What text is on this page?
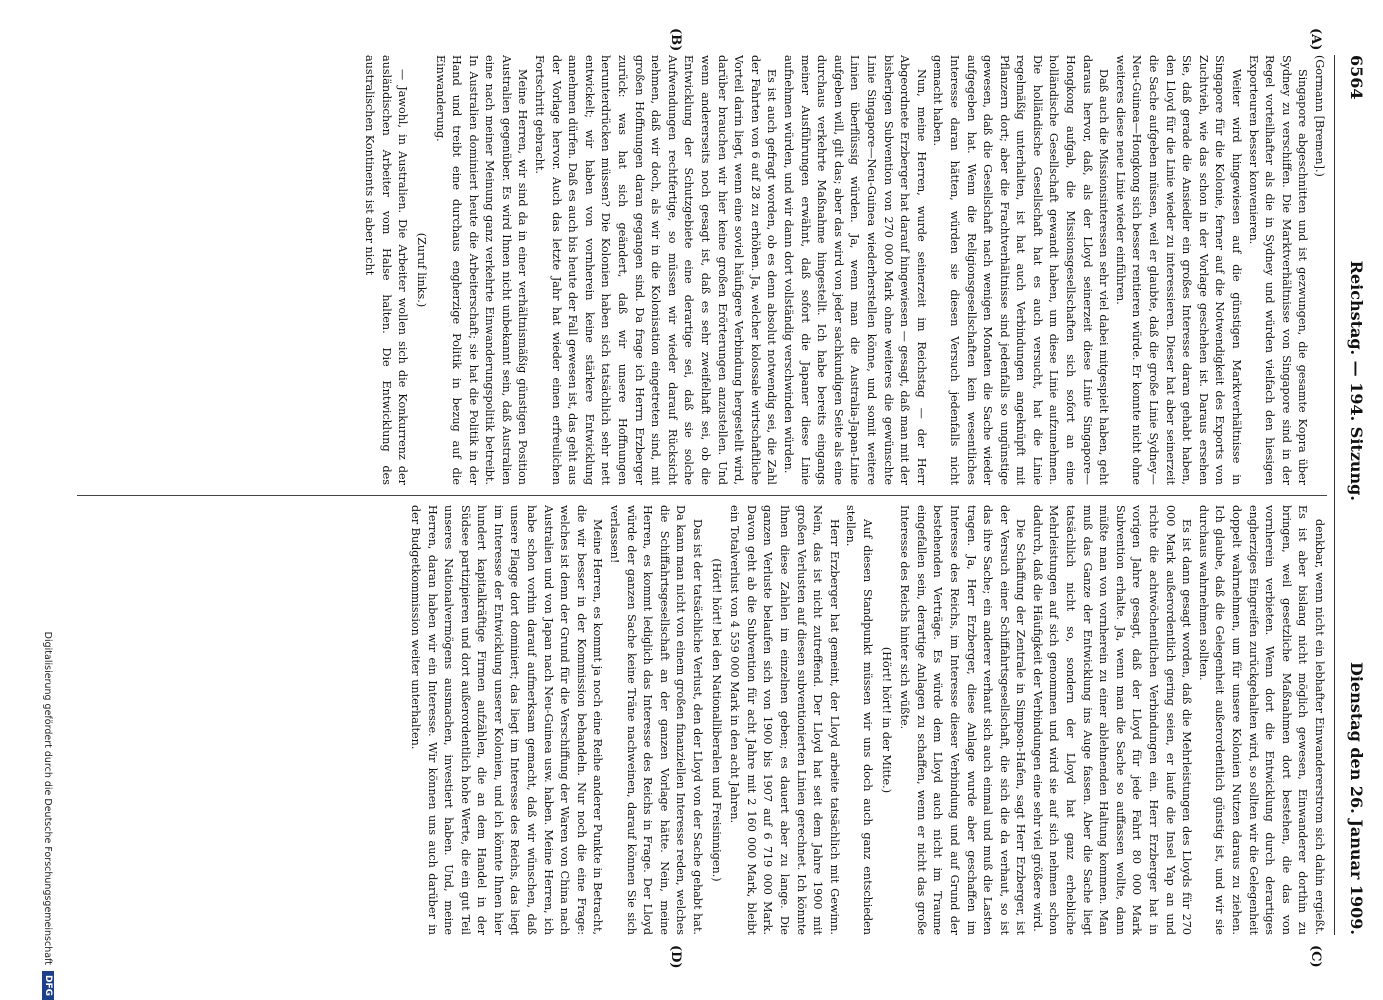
6564
Reichstag. — 194. Sitzung.
Dienstag den 26. Januar 1909.
(A)
(B)
(C)
(D)

(Gormann [Bremen].)

Singapore abgeschnitten und ist gezwungen, die gesamte Kopra über Sydney zu verschiffen. Die Marktverhältnisse von Singapore sind in der Regel vorteilhafter als die in Sydney und würden vielfach den hiesigen Exporteuren besser konvenieren.

Weiter wird hingewiesen auf die günstigen Marktverhältnisse in Singapore für die Kolonie, ferner auf die Notwendigkeit des Exports von Zuchtvieh, wie das schon in der Vorlage geschehen ist. Daraus ersehen Sie, daß gerade die Ansiedler ein großes Interesse daran gehabt haben, den Lloyd für die Linie wieder zu interessieren. Dieser hat aber seinerzeit die Sache aufgeben müssen, weil er glaubte, daß die große Linie Sydney—Neu-Guinea—Hongkong sich besser rentieren würde. Er konnte nicht ohne weiteres diese neue Linie wieder einführen.

Daß auch die Missionsinteressen sehr viel dabei mitgespielt haben, geht daraus hervor, daß, als der Lloyd seinerzeit diese Linie Singapore—Hongkong aufgab, die Missionsgesellschaften sich sofort an eine holländische Gesellschaft gewandt haben, um diese Linie aufzunehmen. Die holländische Gesellschaft hat es auch versucht, hat die Linie regelmäßig unterhalten, ist hat auch Verbindungen angeknüpft mit Pflanzern dort; aber die Frachtverhältnisse sind jedenfalls so ungünstige gewesen, daß die Gesellschaft nach wenigen Monaten die Sache wieder aufgegeben hat. Wenn die Religionsgesellschaften kein wesentliches Interesse daran hätten, würden sie diesen Versuch jedenfalls nicht gemacht haben.

Nun, meine Herren, wurde seinerzeit im Reichstag — der Herr Abgeordnete Erzberger hat darauf hingewiesen — gesagt, daß man mit der bisherigen Subvention von 270 000 Mark ohne weiteres die gewünschte Linie Singapore—Neu-Guinea wiederherstellen könne, und somit weitere Linien überflüssig würden. Ja, wenn man die Australia-Japan-Linie aufgeben will, gilt das; aber das wird von jeder sachkundigen Seite als eine durchaus verkehrte Maßnahme hingestellt. Ich habe bereits eingangs meiner Ausführungen erwähnt, daß sofort die Japaner diese Linie aufnehmen würden, und wir dann dort vollständig verschwinden würden.

Es ist auch gefragt worden, ob es denn absolut notwendig sei, die Zahl der Fahrten von 6 auf 28 zu erhöhen. Ja, welcher kolossale wirtschaftliche Vorteil darin liegt, wenn eine soviel häufigere Verbindung hergestellt wird, darüber brauchen wir hier keine großen Erörterungen anzustellen. Und wenn andererseits noch gesagt ist, daß es sehr zweifelhaft sei, ob die Entwicklung der Schutzgebiete eine derartige sei, daß sie solche Aufwendungen rechtfertige, so müssen wir wieder darauf Rücksicht nehmen, daß wir doch, als wir in die Kolonisation eingetreten sind, mit großen Hoffnungen daran gegangen sind. Da frage ich Herrn Erzberger zurück: was hat sich geändert, daß wir unsere Hoffnungen herunterdrücken müssen? Die Kolonien haben sich tatsächlich sehr nett entwickelt; wir haben von vornherein keine stärkere Entwicklung annehmen dürfen. Daß es auch bis heute der Fall gewesen ist, das geht aus der Vorlage hervor. Auch das letzte Jahr hat wieder einen erfreulichen Fortschritt gebracht.

Meine Herren, wir sind da in einer verhältnismäßig günstigen Position Australien gegenüber. Es wird Ihnen nicht unbekannt sein, daß Australien eine nach meiner Meinung ganz verkehrte Einwanderungspolitik betreibt. In Australien dominiert heute die Arbeiterschaft; sie hat die Politik in der Hand und treibt eine durchaus engherzige Politik in bezug auf die Einwanderung.

(Zuruf links.)

— Jawohl, in Australien. Die Arbeiter wollen sich die Konkurrenz der ausländischen Arbeiter vom Halse halten. Die Entwicklung des australischen Kontinents ist aber nicht

denkbar, wenn nicht ein lebhafter Einwandererstrom sich dahin ergießt. Es ist aber bislang nicht möglich gewesen, Einwanderer dorthin zu bringen, weil gesetzliche Maßnahmen dort bestehen, die das von vornherein verbieten. Wenn dort die Entwicklung durch derartiges engherziges Eingreifen zurückgehalten wird, so sollten wir die Gelegenheit doppelt wahrnehmen, um für unsere Kolonien Nutzen daraus zu ziehen. Ich glaube, daß die Gelegenheit außerordentlich günstig ist, und wir sie durchaus wahrnehmen sollten.

Es ist dann gesagt worden, daß die Mehrleistungen des Lloyds für 270 000 Mark außerordentlich gering seien, er laufe die Insel Yap an und richte die achtwöchentlichen Verbindungen ein. Herr Erzberger hat in vorigen Jahre gesagt, daß der Lloyd für jede Fahrt 80 000 Mark Subvention erhalte. Ja, wenn man die Sache so auffassen wollte, dann müßte man von vornherein zu einer ablehnenden Haltung kommen. Man muß das Ganze der Entwicklung ins Auge fassen. Aber die Sache liegt tatsächlich nicht so, sondern der Lloyd hat ganz erhebliche Mehrleistungen auf sich genommen und wird sie auf sich nehmen schon dadurch, daß die Häufigkeit der Verbindungen eine sehr viel größere wird.

Die Schaffung der Zentrale in Simpson-Hafen, sagt Herr Erzberger, ist der Versuch einer Schiffahrtsgesellschaft, die sich die da verhaut, so ist das ihre Sache; ein anderer verhaut sich auch einmal und muß die Lasten tragen. Ja, Herr Erzberger, diese Anlage wurde aber geschaffen im Interesse des Reichs, im Interesse dieser Verbindung und auf Grund der bestehenden Verträge. Es würde dem Lloyd auch nicht im Traume eingefallen sein, derartige Anlagen zu schaffen, wenn er nicht das große Interesse des Reichs hinter sich wüßte.

(Hört! hört! in der Mitte.)

Auf diesen Standpunkt müssen wir uns doch auch ganz entschieden stellen.

Herr Erzberger hat gemeint, der Lloyd arbeite tatsächlich mit Gewinn. Nein, das ist nicht zutreffend. Der Lloyd hat seit dem Jahre 1900 mit großen Verlusten auf diesen subventionierten Linien gerechnet. Ich könnte Ihnen diese Zahlen im einzelnen geben; es dauert aber zu lange. Die ganzen Verluste belaufen sich von 1900 bis 1907 auf 6 719 000 Mark. Davon geht ab die Subvention für acht Jahre mit 2 160 000 Mark, bleibt ein Totalverlust von 4 559 000 Mark in den acht Jahren.

(Hört! hört! bei den Nationalliberalen und Freisinnigen.)

Das ist der tatsächliche Verlust, den der Lloyd von der Sache gehabt hat. Da kann man nicht von einem großen finanziellen Interesse reden, welches die Schiffahrtsgesellschaft an der ganzen Vorlage hätte. Nein, meine Herren, es kommt lediglich das Interesse des Reichs in Frage. Der Lloyd würde der ganzen Sache keine Träne nachweinen, darauf können Sie sich verlassen!

Meine Herren, es kommt ja noch eine Reihe anderer Punkte in Betracht, die wir besser in der Kommission behandeln. Nur noch die eine Frage: welches ist denn der Grund für die Verschiffung der Waren von China nach Australien und von Japan nach Neu-Guinea usw. haben. Meine Herren, ich habe schon vorhin darauf aufmerksam gemacht, daß wir wünschen, daß unsere Flagge dort dominiert; das liegt im Interesse des Reichs, das liegt im Interesse der Entwicklung unserer Kolonien, und ich könnte Ihnen hier hundert kapitalkräftige Firmen aufzählen, die an dem Handel in der Südsee partizipieren und dort außerordentlich hohe Werte, die ein gut Teil unseres Nationalvermögens ausmachen, investiert haben. Und, meine Herren, daran haben wir ein Interesse. Wir können uns auch darüber in der Budgetkommission weiter unterhalten.

Digitalisierung gefördert durch die Deutsche Forschungsgemeinschaft
DFG
